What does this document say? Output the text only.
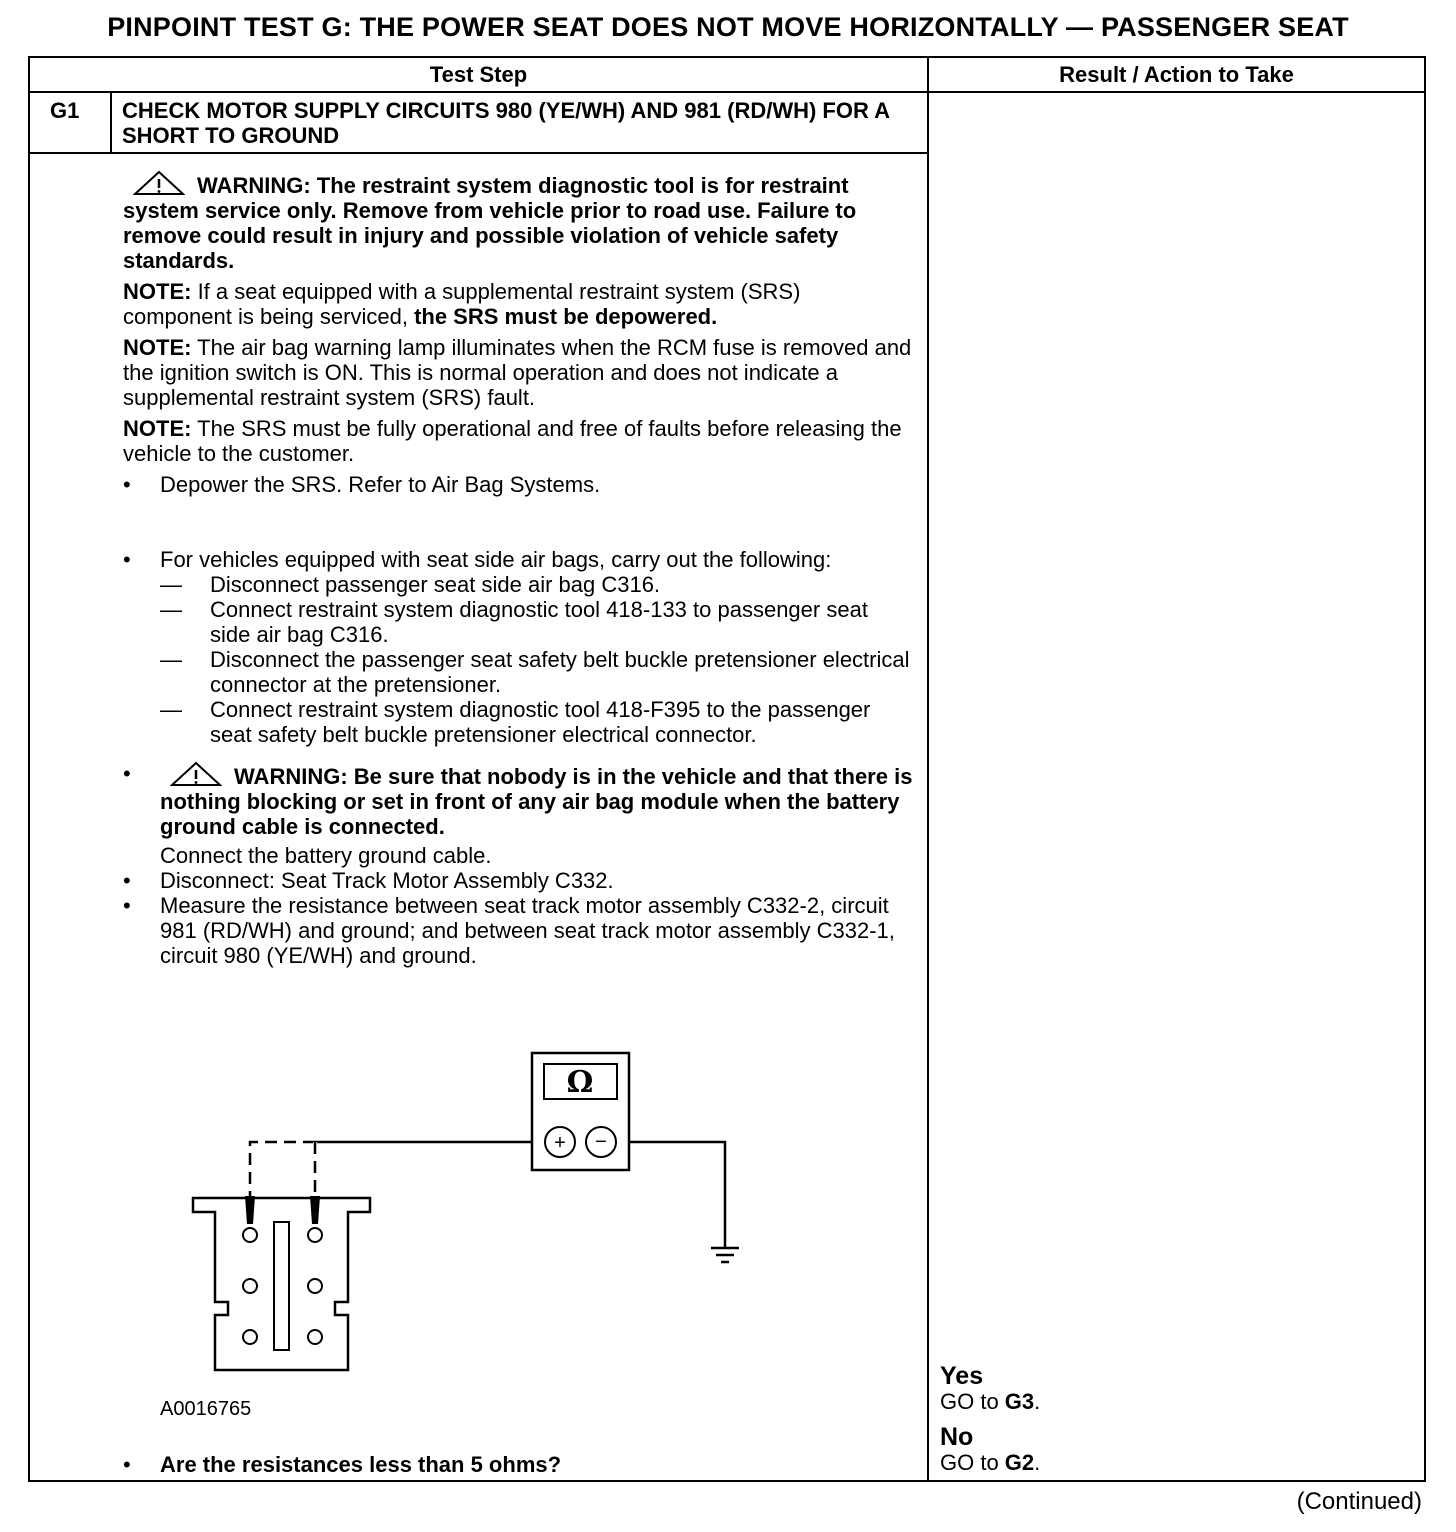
PINPOINT TEST G: THE POWER SEAT DOES NOT MOVE HORIZONTALLY — PASSENGER SEAT
Test Step	Result / Action to Take
G1 CHECK MOTOR SUPPLY CIRCUITS 980 (YE/WH) AND 981 (RD/WH) FOR A SHORT TO GROUND
WARNING: The restraint system diagnostic tool is for restraint system service only. Remove from vehicle prior to road use. Failure to remove could result in injury and possible violation of vehicle safety standards.
NOTE: If a seat equipped with a supplemental restraint system (SRS) component is being serviced, the SRS must be depowered.
NOTE: The air bag warning lamp illuminates when the RCM fuse is removed and the ignition switch is ON. This is normal operation and does not indicate a supplemental restraint system (SRS) fault.
NOTE: The SRS must be fully operational and free of faults before releasing the vehicle to the customer.
• Depower the SRS. Refer to Air Bag Systems.
• For vehicles equipped with seat side air bags, carry out the following:
— Disconnect passenger seat side air bag C316.
— Connect restraint system diagnostic tool 418-133 to passenger seat side air bag C316.
— Disconnect the passenger seat safety belt buckle pretensioner electrical connector at the pretensioner.
— Connect restraint system diagnostic tool 418-F395 to the passenger seat safety belt buckle pretensioner electrical connector.
•	WARNING: Be sure that nobody is in the vehicle and that there is nothing blocking or set in front of any air bag module when the battery ground cable is connected.
Connect the battery ground cable.
• Disconnect: Seat Track Motor Assembly C332.
• Measure the resistance between seat track motor assembly C332-2, circuit 981 (RD/WH) and ground; and between seat track motor assembly C332-1, circuit 980 (YE/WH) and ground.
Ω
+ −
A0016765
• Are the resistances less than 5 ohms?
Yes
GO to G3.
No
GO to G2.
(Continued)
